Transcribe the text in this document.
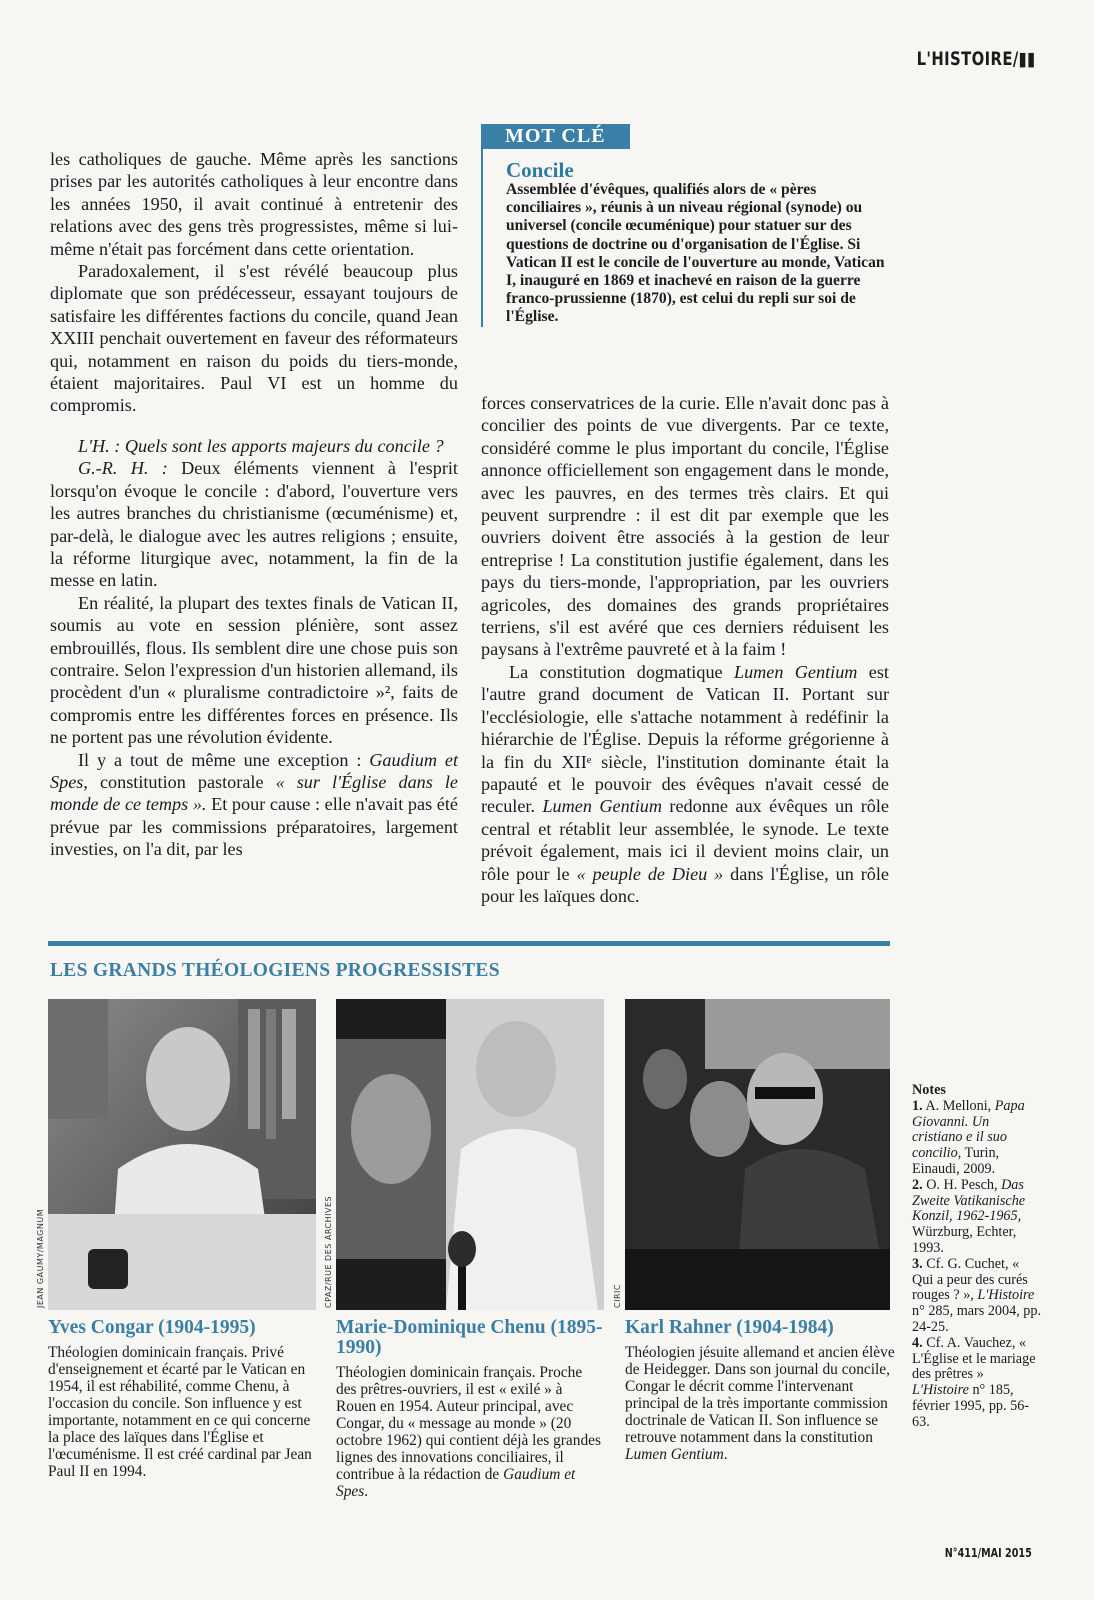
L'HISTOIRE/▮▮

les catholiques de gauche. Même après les sanctions prises par les autorités catholiques à leur encontre dans les années 1950, il avait continué à entretenir des relations avec des gens très progressistes, même si lui-même n'était pas forcément dans cette orientation.

Paradoxalement, il s'est révélé beaucoup plus diplomate que son prédécesseur, essayant toujours de satisfaire les différentes factions du concile, quand Jean XXIII penchait ouvertement en faveur des réformateurs qui, notamment en raison du poids du tiers-monde, étaient majoritaires. Paul VI est un homme du compromis.

L'H. : Quels sont les apports majeurs du concile ?

G.-R. H. : Deux éléments viennent à l'esprit lorsqu'on évoque le concile : d'abord, l'ouverture vers les autres branches du christianisme (œcuménisme) et, par-delà, le dialogue avec les autres religions ; ensuite, la réforme liturgique avec, notamment, la fin de la messe en latin.

En réalité, la plupart des textes finals de Vatican II, soumis au vote en session plénière, sont assez embrouillés, flous. Ils semblent dire une chose puis son contraire. Selon l'expression d'un historien allemand, ils procèdent d'un « pluralisme contradictoire »², faits de compromis entre les différentes forces en présence. Ils ne portent pas une révolution évidente.

Il y a tout de même une exception : Gaudium et Spes, constitution pastorale « sur l'Église dans le monde de ce temps ». Et pour cause : elle n'avait pas été prévue par les commissions préparatoires, largement investies, on l'a dit, par les

MOT CLÉ
Concile
Assemblée d'évêques, qualifiés alors de « pères conciliaires », réunis à un niveau régional (synode) ou universel (concile œcuménique) pour statuer sur des questions de doctrine ou d'organisation de l'Église. Si Vatican II est le concile de l'ouverture au monde, Vatican I, inauguré en 1869 et inachevé en raison de la guerre franco-prussienne (1870), est celui du repli sur soi de l'Église.

forces conservatrices de la curie. Elle n'avait donc pas à concilier des points de vue divergents. Par ce texte, considéré comme le plus important du concile, l'Église annonce officiellement son engagement dans le monde, avec les pauvres, en des termes très clairs. Et qui peuvent surprendre : il est dit par exemple que les ouvriers doivent être associés à la gestion de leur entreprise ! La constitution justifie également, dans les pays du tiers-monde, l'appropriation, par les ouvriers agricoles, des domaines des grands propriétaires terriens, s'il est avéré que ces derniers réduisent les paysans à l'extrême pauvreté et à la faim !

La constitution dogmatique Lumen Gentium est l'autre grand document de Vatican II. Portant sur l'ecclésiologie, elle s'attache notamment à redéfinir la hiérarchie de l'Église. Depuis la réforme grégorienne à la fin du XIIᵉ siècle, l'institution dominante était la papauté et le pouvoir des évêques n'avait cessé de reculer. Lumen Gentium redonne aux évêques un rôle central et rétablit leur assemblée, le synode. Le texte prévoit également, mais ici il devient moins clair, un rôle pour le « peuple de Dieu » dans l'Église, un rôle pour les laïques donc.

LES GRANDS THÉOLOGIENS PROGRESSISTES
JEAN GAUMY/MAGNUM	CPAZ/RUE DES ARCHIVES	CIRIC
Yves Congar (1904-1995)
Théologien dominicain français. Privé d'enseignement et écarté par le Vatican en 1954, il est réhabilité, comme Chenu, à l'occasion du concile. Son influence y est importante, notamment en ce qui concerne la place des laïques dans l'Église et l'œcuménisme. Il est créé cardinal par Jean Paul II en 1994.
Marie-Dominique Chenu (1895-1990)
Théologien dominicain français. Proche des prêtres-ouvriers, il est « exilé » à Rouen en 1954. Auteur principal, avec Congar, du « message au monde » (20 octobre 1962) qui contient déjà les grandes lignes des innovations conciliaires, il contribue à la rédaction de Gaudium et Spes.
Karl Rahner (1904-1984)
Théologien jésuite allemand et ancien élève de Heidegger. Dans son journal du concile, Congar le décrit comme l'intervenant principal de la très importante commission doctrinale de Vatican II. Son influence se retrouve notamment dans la constitution Lumen Gentium.
Notes
1. A. Melloni, Papa Giovanni. Un cristiano e il suo concilio, Turin, Einaudi, 2009.
2. O. H. Pesch, Das Zweite Vatikanische Konzil, 1962-1965, Würzburg, Echter, 1993.
3. Cf. G. Cuchet, « Qui a peur des curés rouges ? », L'Histoire n° 285, mars 2004, pp. 24-25.
4. Cf. A. Vauchez, « L'Église et le mariage des prêtres » L'Histoire n° 185, février 1995, pp. 56-63.
N°411/MAI 2015
